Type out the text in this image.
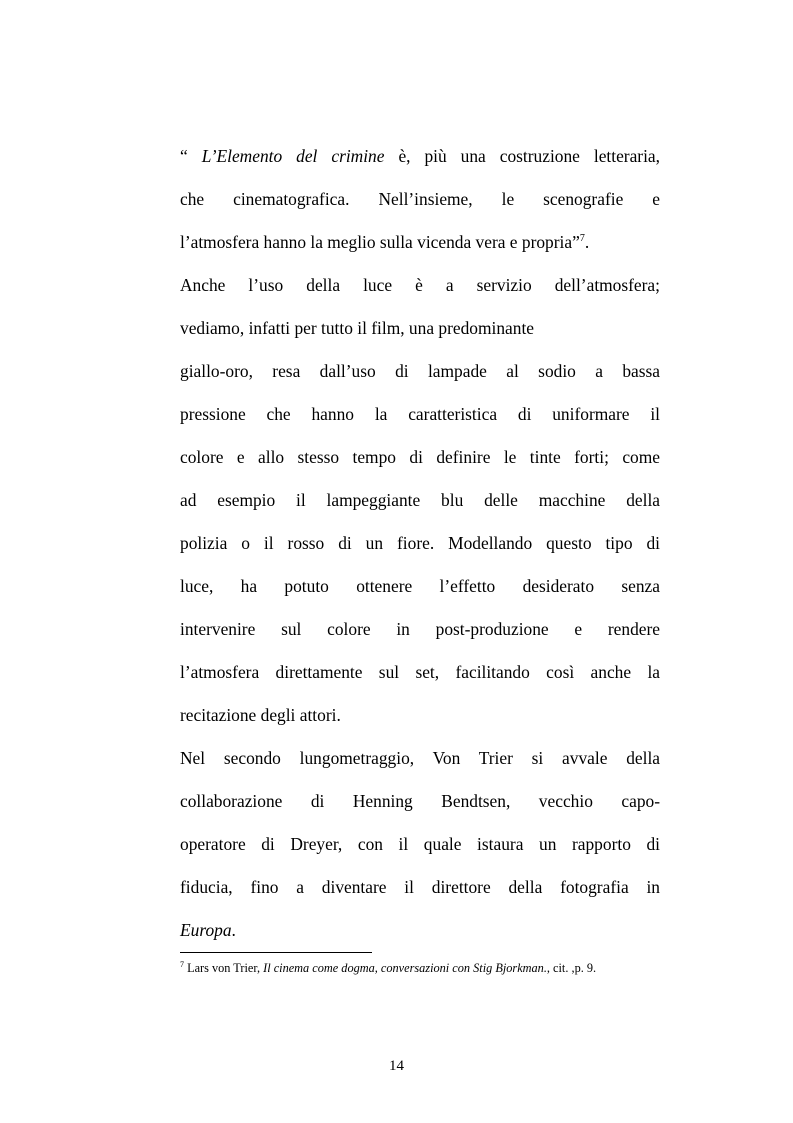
“ L’Elemento del crimine è, più una costruzione letteraria,
che cinematografica. Nell’insieme, le scenografie e
l’atmosfera hanno la meglio sulla vicenda vera e propria”$^7$.
Anche l’uso della luce è a servizio dell’atmosfera;
vediamo, infatti per tutto il film, una predominante
giallo-oro, resa dall’uso di lampade al sodio a bassa
pressione che hanno la caratteristica di uniformare il
colore e allo stesso tempo di definire le tinte forti; come
ad esempio il lampeggiante blu delle macchine della
polizia o il rosso di un fiore. Modellando questo tipo di
luce, ha potuto ottenere l’effetto desiderato senza
intervenire sul colore in post-produzione e rendere
l’atmosfera direttamente sul set, facilitando così anche la
recitazione degli attori.
Nel secondo lungometraggio, Von Trier si avvale della
collaborazione di Henning Bendtsen, vecchio capo-
operatore di Dreyer, con il quale istaura un rapporto di
fiducia, fino a diventare il direttore della fotografia in
Europa.
$^7$ Lars von Trier, Il cinema come dogma, conversazioni con Stig Bjorkman., cit. ,p. 9.
14
